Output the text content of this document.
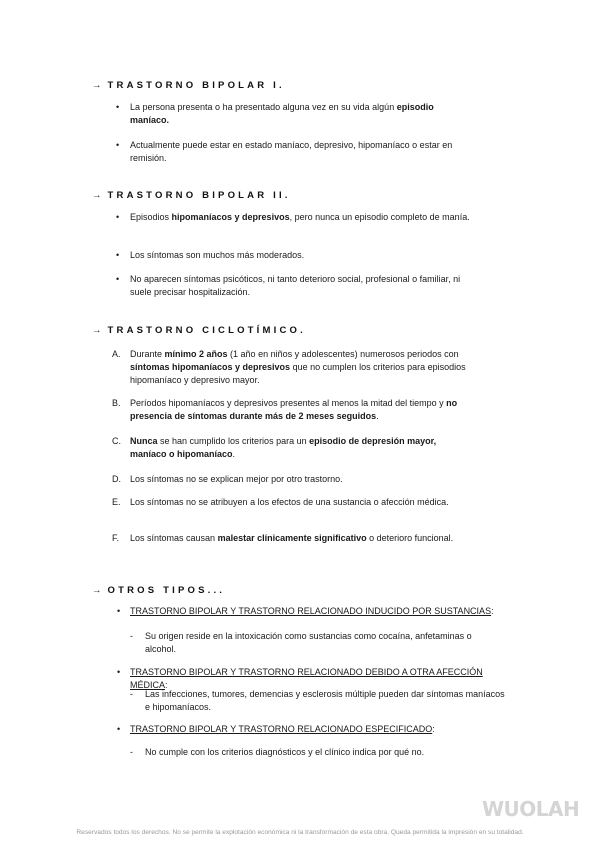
→ TRASTORNO BIPOLAR I.
• La persona presenta o ha presentado alguna vez en su vida algún episodio maníaco.
• Actualmente puede estar en estado maníaco, depresivo, hipomaníaco o estar en remisión.
→ TRASTORNO BIPOLAR II.
• Episodios hipomaníacos y depresivos, pero nunca un episodio completo de manía.
• Los síntomas son muchos más moderados.
• No aparecen síntomas psicóticos, ni tanto deterioro social, profesional o familiar, ni suele precisar hospitalización.
→ TRASTORNO CICLOTÍMICO.
A. Durante mínimo 2 años (1 año en niños y adolescentes) numerosos periodos con síntomas hipomaníacos y depresivos que no cumplen los criterios para episodios hipomaníaco y depresivo mayor.
B. Períodos hipomaníacos y depresivos presentes al menos la mitad del tiempo y no presencia de síntomas durante más de 2 meses seguidos.
C. Nunca se han cumplido los criterios para un episodio de depresión mayor, maníaco o hipomaníaco.
D. Los síntomas no se explican mejor por otro trastorno.
E. Los síntomas no se atribuyen a los efectos de una sustancia o afección médica.
F. Los síntomas causan malestar clínicamente significativo o deterioro funcional.
→ OTROS TIPOS...
• TRASTORNO BIPOLAR Y TRASTORNO RELACIONADO INDUCIDO POR SUSTANCIAS:
- Su origen reside en la intoxicación como sustancias como cocaína, anfetaminas o alcohol.
• TRASTORNO BIPOLAR Y TRASTORNO RELACIONADO DEBIDO A OTRA AFECCIÓN MÉDICA:
- Las infecciones, tumores, demencias y esclerosis múltiple pueden dar síntomas maníacos e hipomaníacos.
• TRASTORNO BIPOLAR Y TRASTORNO RELACIONADO ESPECIFICADO:
- No cumple con los criterios diagnósticos y el clínico indica por qué no.
WUOLAH
Reservados todos los derechos. No se permite la explotación económica ni la transformación de esta obra. Queda permitida la impresión en su totalidad.
